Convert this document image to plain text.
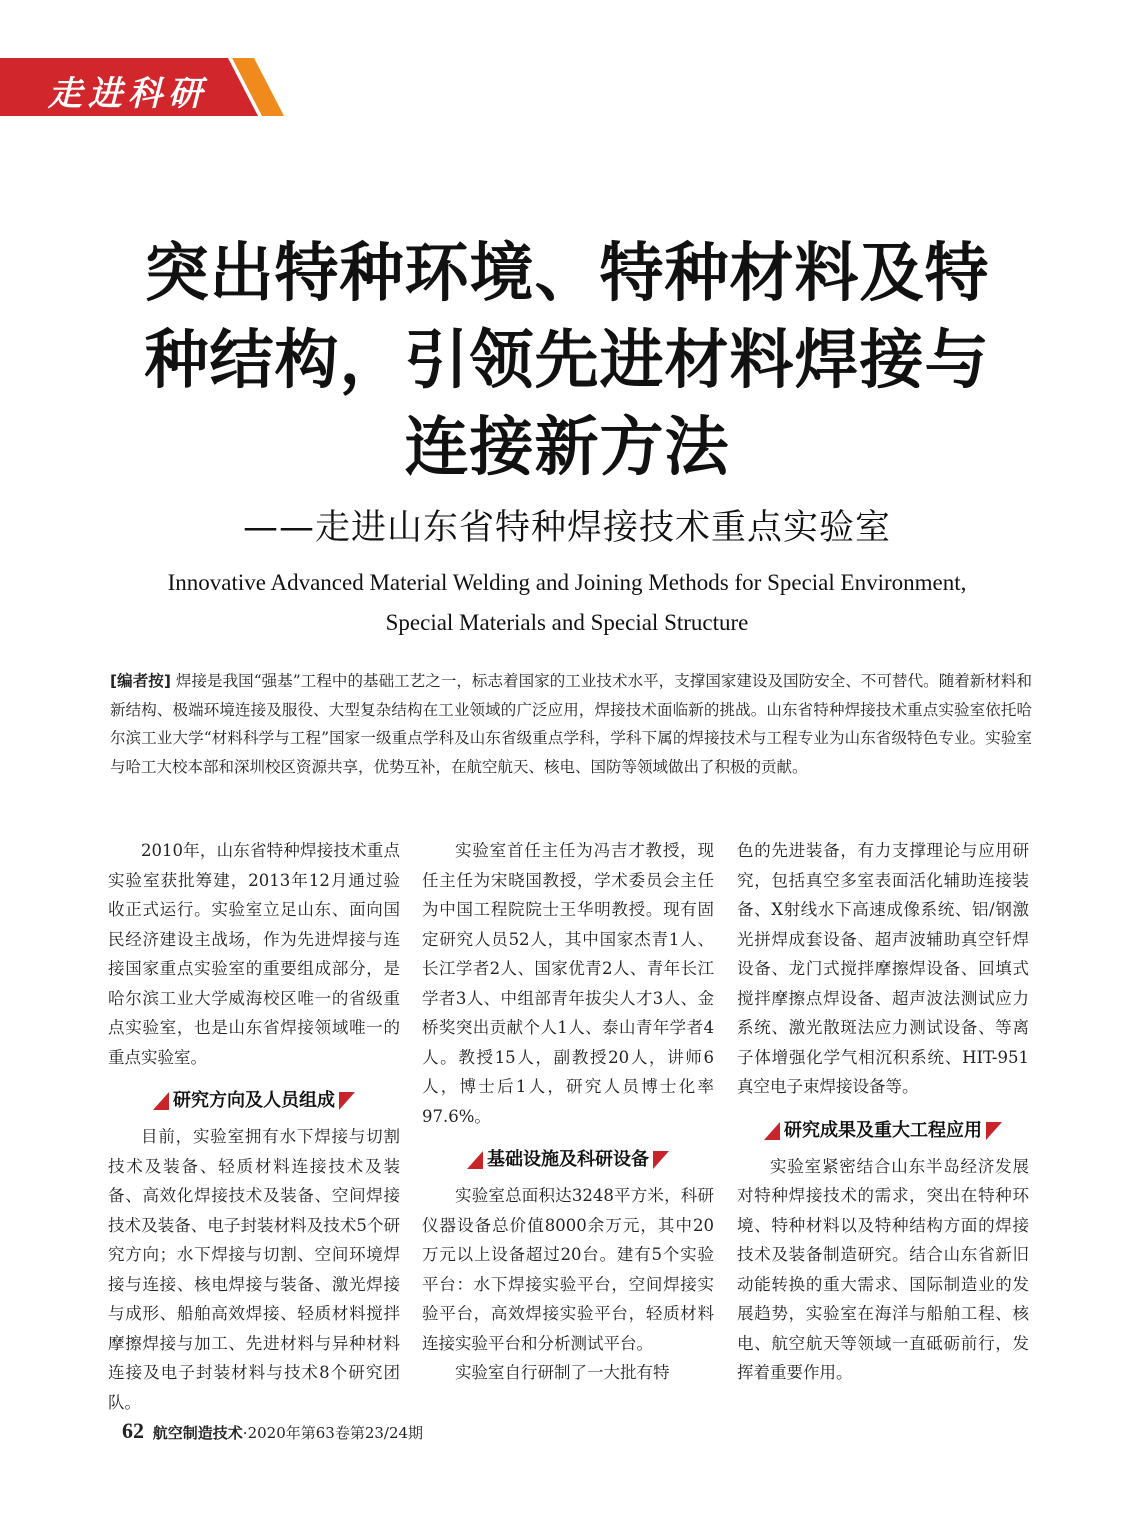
走进科研
突出特种环境、特种材料及特
种结构，引领先进材料焊接与
连接新方法
——走进山东省特种焊接技术重点实验室
Innovative Advanced Material Welding and Joining Methods for Special Environment,
Special Materials and Special Structure

[编者按] 焊接是我国“强基”工程中的基础工艺之一，标志着国家的工业技术水平，支撑国家建设及国防安全、不可替代。随着新材料和新结构、极端环境连接及服役、大型复杂结构在工业领域的广泛应用，焊接技术面临新的挑战。山东省特种焊接技术重点实验室依托哈尔滨工业大学“材料科学与工程”国家一级重点学科及山东省级重点学科，学科下属的焊接技术与工程专业为山东省级特色专业。实验室与哈工大校本部和深圳校区资源共享，优势互补，在航空航天、核电、国防等领域做出了积极的贡献。

2010年，山东省特种焊接技术重点实验室获批筹建，2013年12月通过验收正式运行。实验室立足山东、面向国民经济建设主战场，作为先进焊接与连接国家重点实验室的重要组成部分，是哈尔滨工业大学威海校区唯一的省级重点实验室，也是山东省焊接领域唯一的重点实验室。

研究方向及人员组成

目前，实验室拥有水下焊接与切割技术及装备、轻质材料连接技术及装备、高效化焊接技术及装备、空间焊接技术及装备、电子封装材料及技术5个研究方向；水下焊接与切割、空间环境焊接与连接、核电焊接与装备、激光焊接与成形、船舶高效焊接、轻质材料搅拌摩擦焊接与加工、先进材料与异种材料连接及电子封装材料与技术8个研究团队。

实验室首任主任为冯吉才教授，现任主任为宋晓国教授，学术委员会主任为中国工程院院士王华明教授。现有固定研究人员52人，其中国家杰青1人、长江学者2人、国家优青2人、青年长江学者3人、中组部青年拔尖人才3人、金桥奖突出贡献个人1人、泰山青年学者4人。教授15人，副教授20人，讲师6人，博士后1人，研究人员博士化率97.6%。

基础设施及科研设备

实验室总面积达3248平方米，科研仪器设备总价值8000余万元，其中20万元以上设备超过20台。建有5个实验平台：水下焊接实验平台，空间焊接实验平台，高效焊接实验平台，轻质材料连接实验平台和分析测试平台。

实验室自行研制了一大批有特

色的先进装备，有力支撑理论与应用研究，包括真空多室表面活化辅助连接装备、X射线水下高速成像系统、铝/钢激光拼焊成套设备、超声波辅助真空钎焊设备、龙门式搅拌摩擦焊设备、回填式搅拌摩擦点焊设备、超声波法测试应力系统、激光散斑法应力测试设备、等离子体增强化学气相沉积系统、HIT-951真空电子束焊接设备等。

研究成果及重大工程应用

实验室紧密结合山东半岛经济发展对特种焊接技术的需求，突出在特种环境、特种材料以及特种结构方面的焊接技术及装备制造研究。结合山东省新旧动能转换的重大需求、国际制造业的发展趋势，实验室在海洋与船舶工程、核电、航空航天等领域一直砥砺前行，发挥着重要作用。

62 航空制造技术·2020年第63卷第23/24期
